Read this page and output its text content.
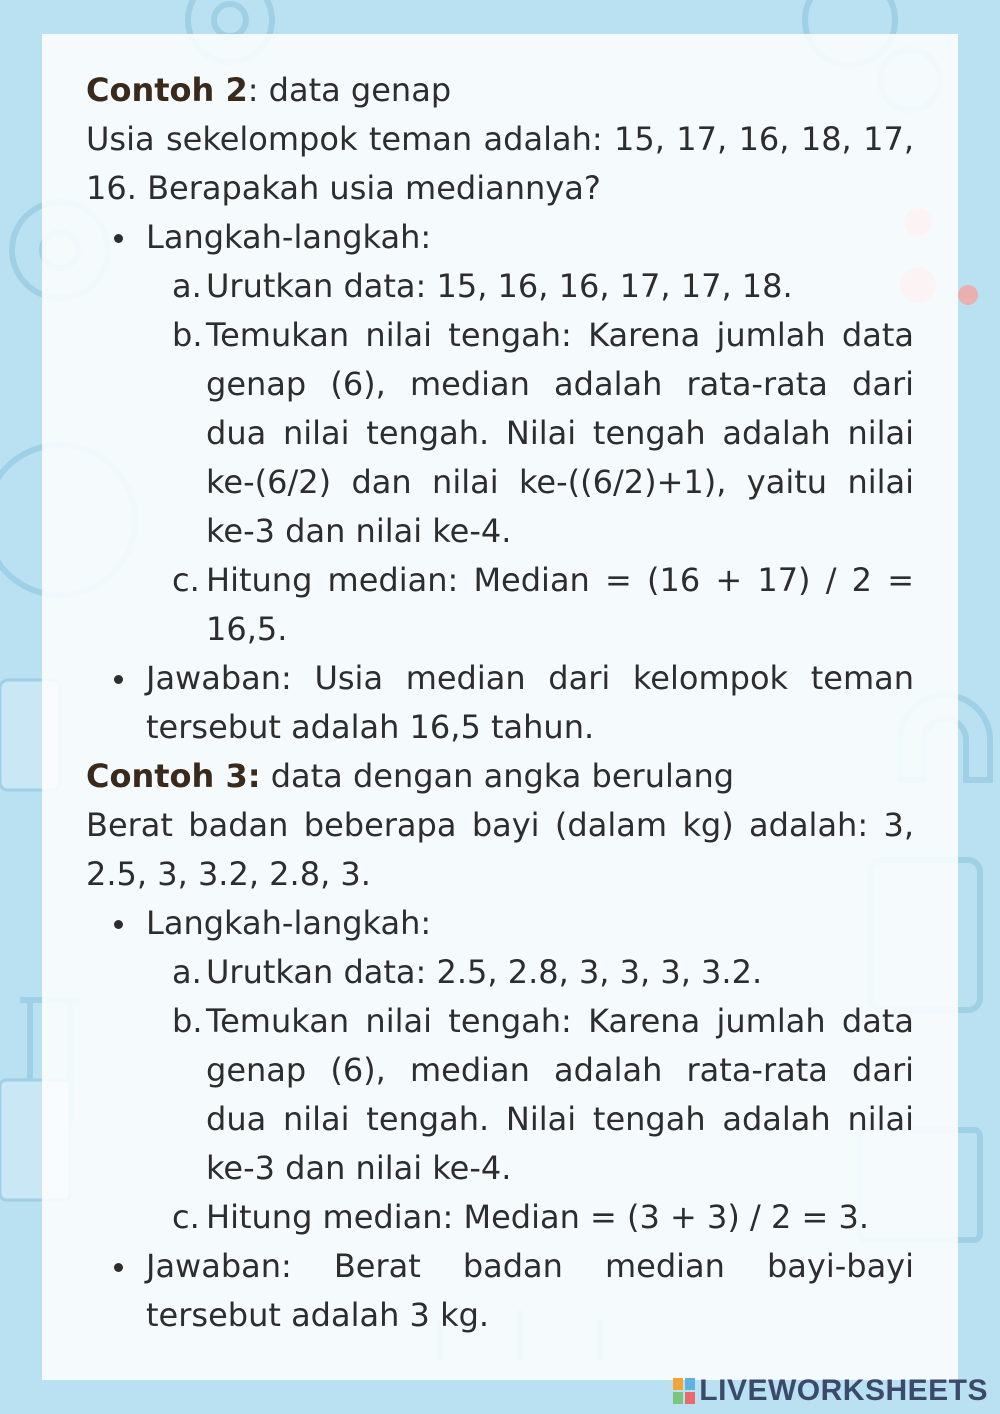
Contoh 2: data genap

Usia sekelompok teman adalah: 15, 17, 16, 18, 17, 16. Berapakah usia mediannya?

Langkah-langkah:
a. Urutkan data: 15, 16, 16, 17, 17, 18.
b. Temukan nilai tengah: Karena jumlah data genap (6), median adalah rata-rata dari dua nilai tengah. Nilai tengah adalah nilai ke-(6/2) dan nilai ke-((6/2)+1), yaitu nilai ke-3 dan nilai ke-4.
c. Hitung median: Median = (16 + 17) / 2 = 16,5.
Jawaban: Usia median dari kelompok teman tersebut adalah 16,5 tahun.

Contoh 3: data dengan angka berulang

Berat badan beberapa bayi (dalam kg) adalah: 3, 2.5, 3, 3.2, 2.8, 3.

Langkah-langkah:
a. Urutkan data: 2.5, 2.8, 3, 3, 3, 3.2.
b. Temukan nilai tengah: Karena jumlah data genap (6), median adalah rata-rata dari dua nilai tengah. Nilai tengah adalah nilai ke-3 dan nilai ke-4.
c. Hitung median: Median = (3 + 3) / 2 = 3.
Jawaban: Berat badan median bayi-bayi tersebut adalah 3 kg.
LIVEWORKSHEETS
